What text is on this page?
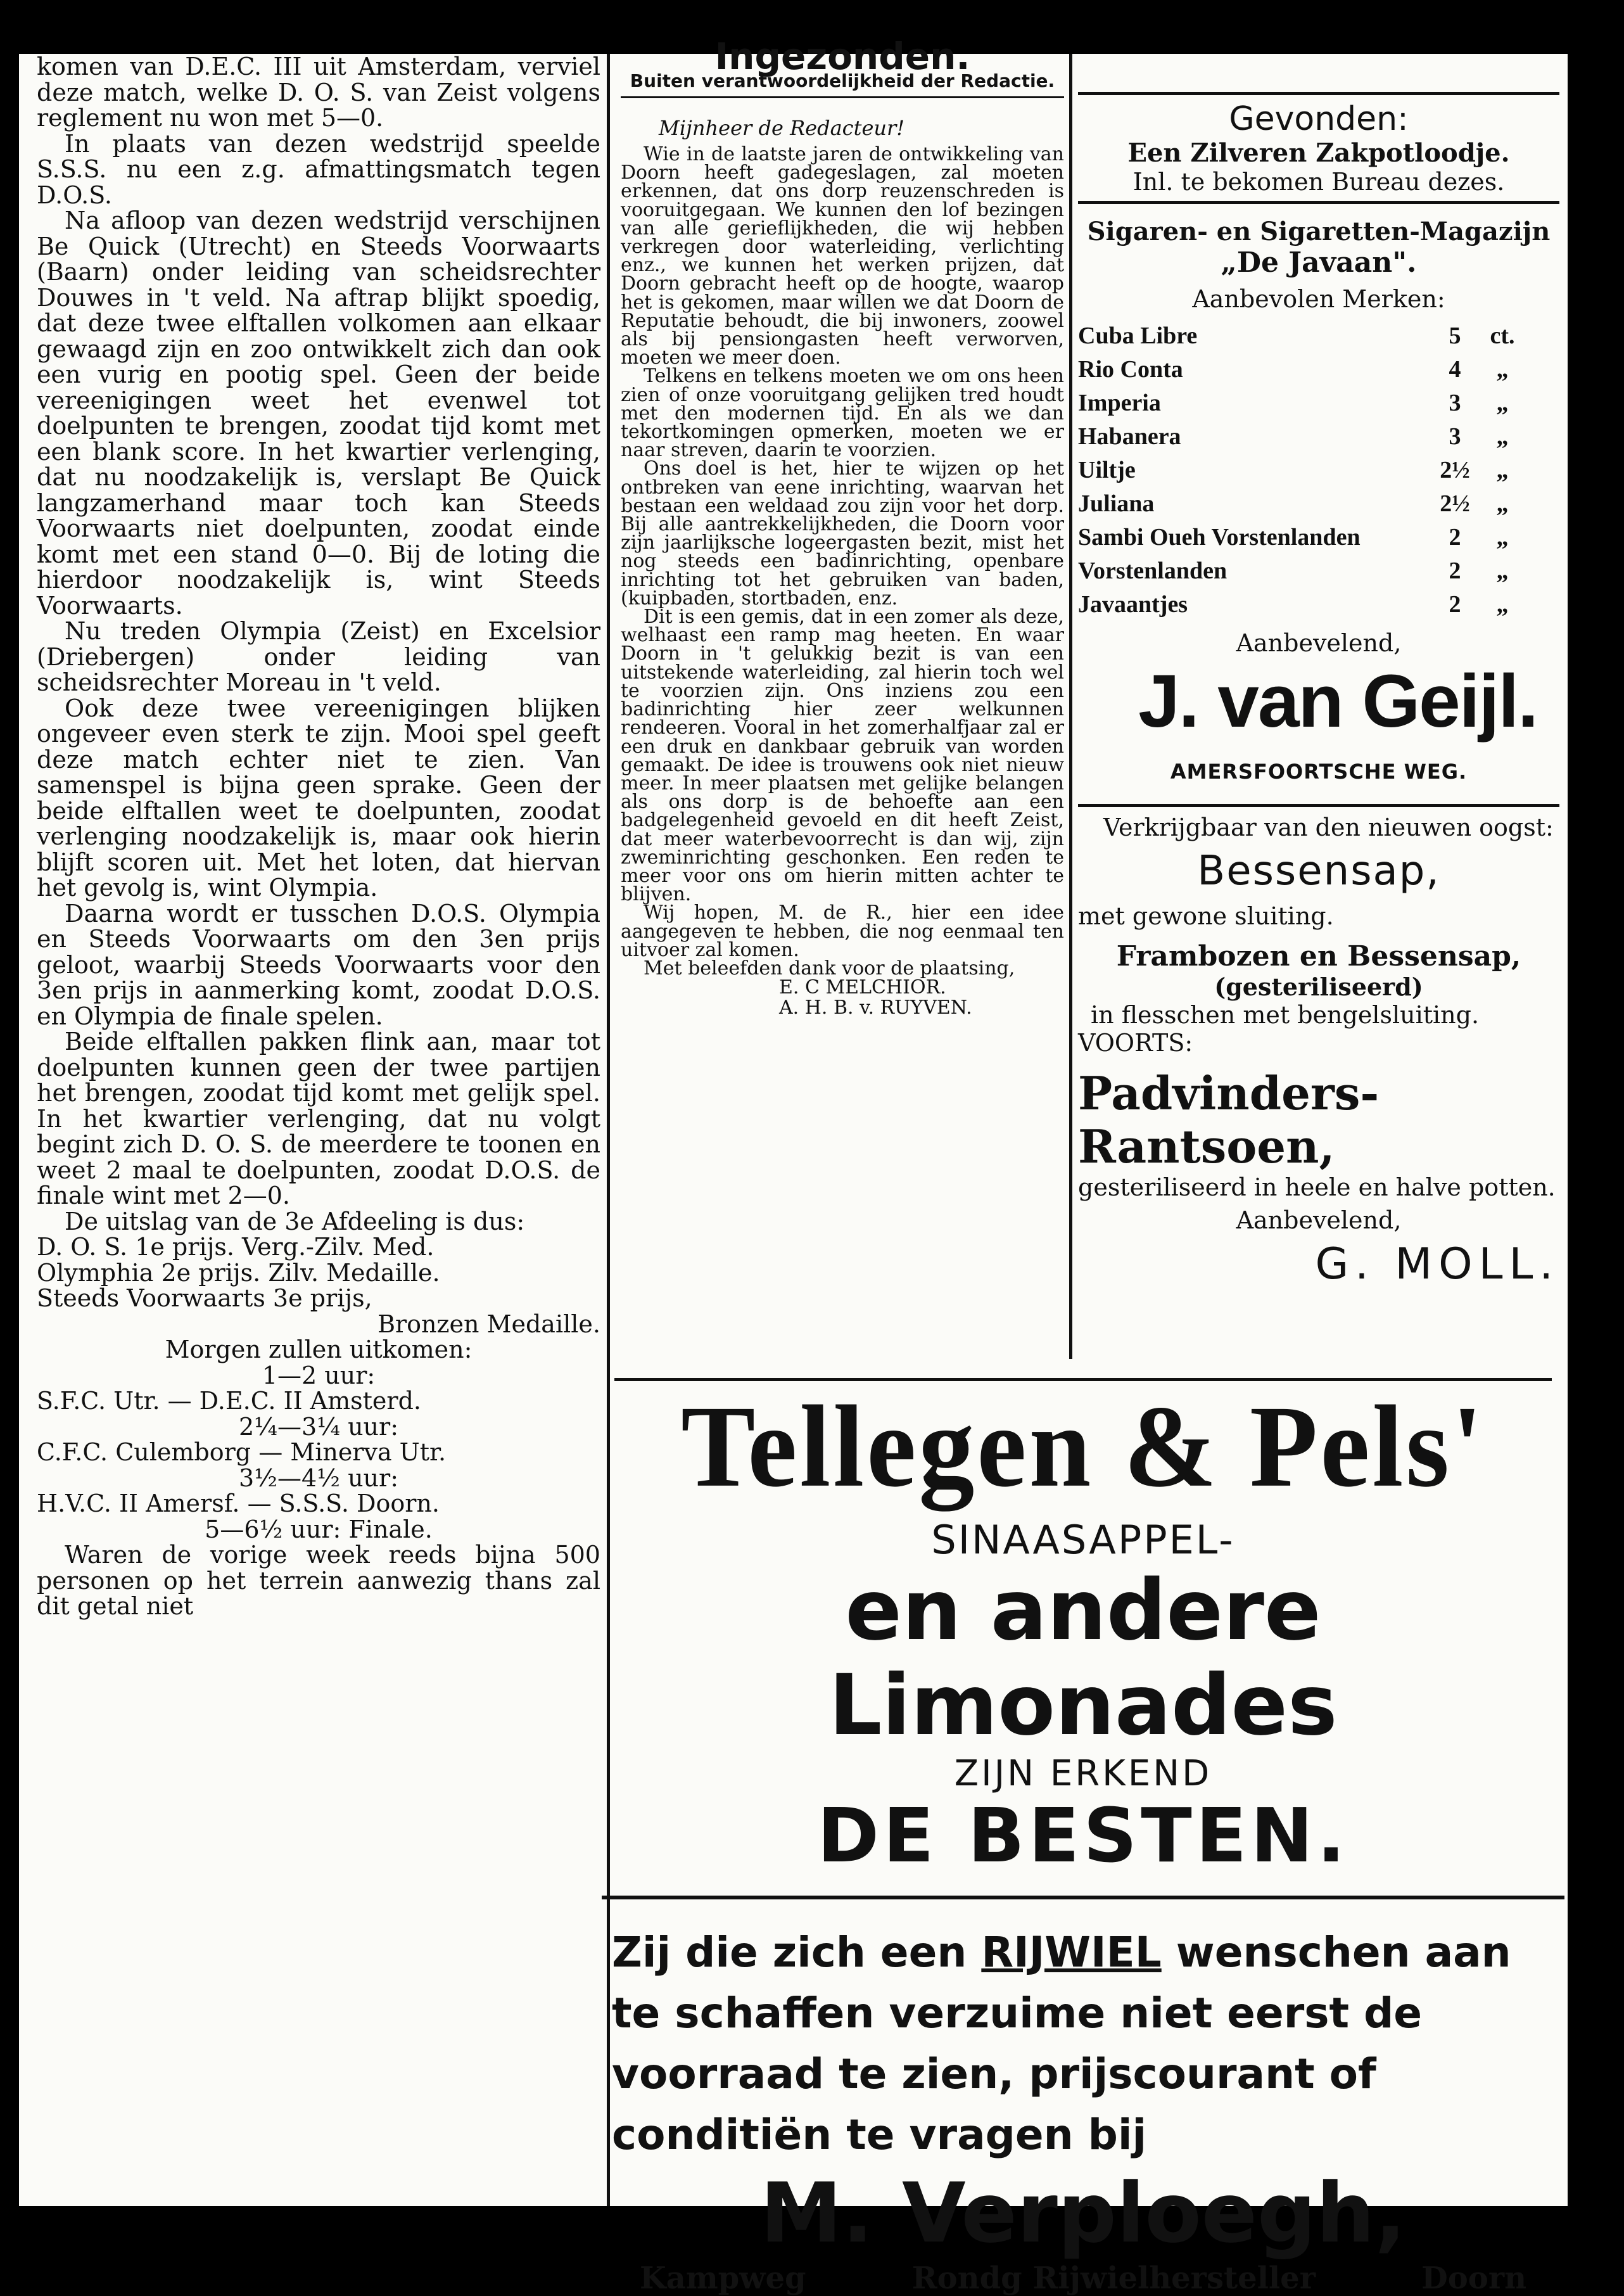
komen van D.E.C. III uit Amsterdam, verviel deze match, welke D. O. S. van Zeist volgens reglement nu won met 5—0.

In plaats van dezen wedstrijd speelde S.S.S. nu een z.g. afmattingsmatch tegen D.O.S.

Na afloop van dezen wedstrijd verschijnen Be Quick (Utrecht) en Steeds Voorwaarts (Baarn) onder leiding van scheidsrechter Douwes in 't veld. Na aftrap blijkt spoedig, dat deze twee elftallen volkomen aan elkaar gewaagd zijn en zoo ontwikkelt zich dan ook een vurig en pootig spel. Geen der beide vereenigingen weet het evenwel tot doelpunten te brengen, zoodat tijd komt met een blank score. In het kwartier verlenging, dat nu noodzakelijk is, verslapt Be Quick langzamerhand maar toch kan Steeds Voorwaarts niet doelpunten, zoodat einde komt met een stand 0—0. Bij de loting die hierdoor noodzakelijk is, wint Steeds Voorwaarts.

Nu treden Olympia (Zeist) en Excelsior (Driebergen) onder leiding van scheidsrechter Moreau in 't veld.

Ook deze twee vereenigingen blijken ongeveer even sterk te zijn. Mooi spel geeft deze match echter niet te zien. Van samenspel is bijna geen sprake. Geen der beide elftallen weet te doelpunten, zoodat verlenging noodzakelijk is, maar ook hierin blijft scoren uit. Met het loten, dat hiervan het gevolg is, wint Olympia.

Daarna wordt er tusschen D.O.S. Olympia en Steeds Voorwaarts om den 3en prijs geloot, waarbij Steeds Voorwaarts voor den 3en prijs in aanmerking komt, zoodat D.O.S. en Olympia de finale spelen.

Beide elftallen pakken flink aan, maar tot doelpunten kunnen geen der twee partijen het brengen, zoodat tijd komt met gelijk spel. In het kwartier verlenging, dat nu volgt begint zich D. O. S. de meerdere te toonen en weet 2 maal te doelpunten, zoodat D.O.S. de finale wint met 2—0.

De uitslag van de 3e Afdeeling is dus:

D. O. S. 1e prijs. Verg.-Zilv. Med.

Olymphia 2e prijs. Zilv. Medaille.

Steeds Voorwaarts 3e prijs,

Bronzen Medaille.

Morgen zullen uitkomen:

1—2 uur:

S.F.C. Utr. — D.E.C. II Amsterd.

2¼—3¼ uur:

C.F.C. Culemborg — Minerva Utr.

3½—4½ uur:

H.V.C. II Amersf. — S.S.S. Doorn.

5—6½ uur: Finale.

Waren de vorige week reeds bijna 500 personen op het terrein aanwezig thans zal dit getal niet

Ingezonden.

Buiten verantwoordelijkheid der Redactie.

Mijnheer de Redacteur!

Wie in de laatste jaren de ontwikkeling van Doorn heeft gadegeslagen, zal moeten erkennen, dat ons dorp reuzenschreden is vooruitgegaan. We kunnen den lof bezingen van alle gerieflijkheden, die wij hebben verkregen door waterleiding, verlichting enz., we kunnen het werken prijzen, dat Doorn gebracht heeft op de hoogte, waarop het is gekomen, maar willen we dat Doorn de Reputatie behoudt, die bij inwoners, zoowel als bij pensiongasten heeft verworven, moeten we meer doen.

Telkens en telkens moeten we om ons heen zien of onze vooruitgang gelijken tred houdt met den modernen tijd. En als we dan tekortkomingen opmerken, moeten we er naar streven, daarin te voorzien.

Ons doel is het, hier te wijzen op het ontbreken van eene inrichting, waarvan het bestaan een weldaad zou zijn voor het dorp. Bij alle aantrekkelijkheden, die Doorn voor zijn jaarlijksche logeergasten bezit, mist het nog steeds een badinrichting, openbare inrichting tot het gebruiken van baden, (kuipbaden, stortbaden, enz.

Dit is een gemis, dat in een zomer als deze, welhaast een ramp mag heeten. En waar Doorn in 't gelukkig bezit is van een uitstekende waterleiding, zal hierin toch wel te voorzien zijn. Ons inziens zou een badinrichting hier zeer welkunnen rendeeren. Vooral in het zomerhalfjaar zal er een druk en dankbaar gebruik van worden gemaakt. De idee is trouwens ook niet nieuw meer. In meer plaatsen met gelijke belangen als ons dorp is de behoefte aan een badgelegenheid gevoeld en dit heeft Zeist, dat meer waterbevoorrecht is dan wij, zijn zweminrichting geschonken. Een reden te meer voor ons om hierin mitten achter te blijven.

Wij hopen, M. de R., hier een idee aangegeven te hebben, die nog eenmaal ten uitvoer zal komen.

Met beleefden dank voor de plaatsing,

E. C MELCHIOR.
A. H. B. v. RUYVEN.

Gevonden:

Een Zilveren Zakpotloodje.

Inl. te bekomen Bureau dezes.

Sigaren- en Sigaretten-Magazijn

„De Javaan".

Aanbevolen Merken:

Cuba Libre	5	ct.
Rio Conta	4	„
Imperia	3	„
Habanera	3	„
Uiltje	2½	„
Juliana	2½	„
Sambi Oueh Vorstenlanden	2	„
Vorstenlanden	2	„
Javaantjes	2	„

Aanbevelend,

J. van Geijl.

AMERSFOORTSCHE WEG.

Verkrijgbaar van den nieuwen oogst:

Bessensap,

met gewone sluiting.

Frambozen en Bessensap,

(gesteriliseerd)

in flesschen met bengelsluiting.

VOORTS:

Padvinders-Rantsoen,

gesteriliseerd in heele en halve potten.

Aanbevelend,

G. MOLL.

Tellegen & Pels'
SINAASAPPEL-
en andere Limonades
ZIJN ERKEND
DE BESTEN.
Zij die zich een RIJWIEL wenschen aan te schaffen verzuime niet eerst de voorraad te zien, prijscourant of conditiën te vragen bij
M. Verploegh,
Kampweg	Rondg Rijwielhersteller	Doorn
